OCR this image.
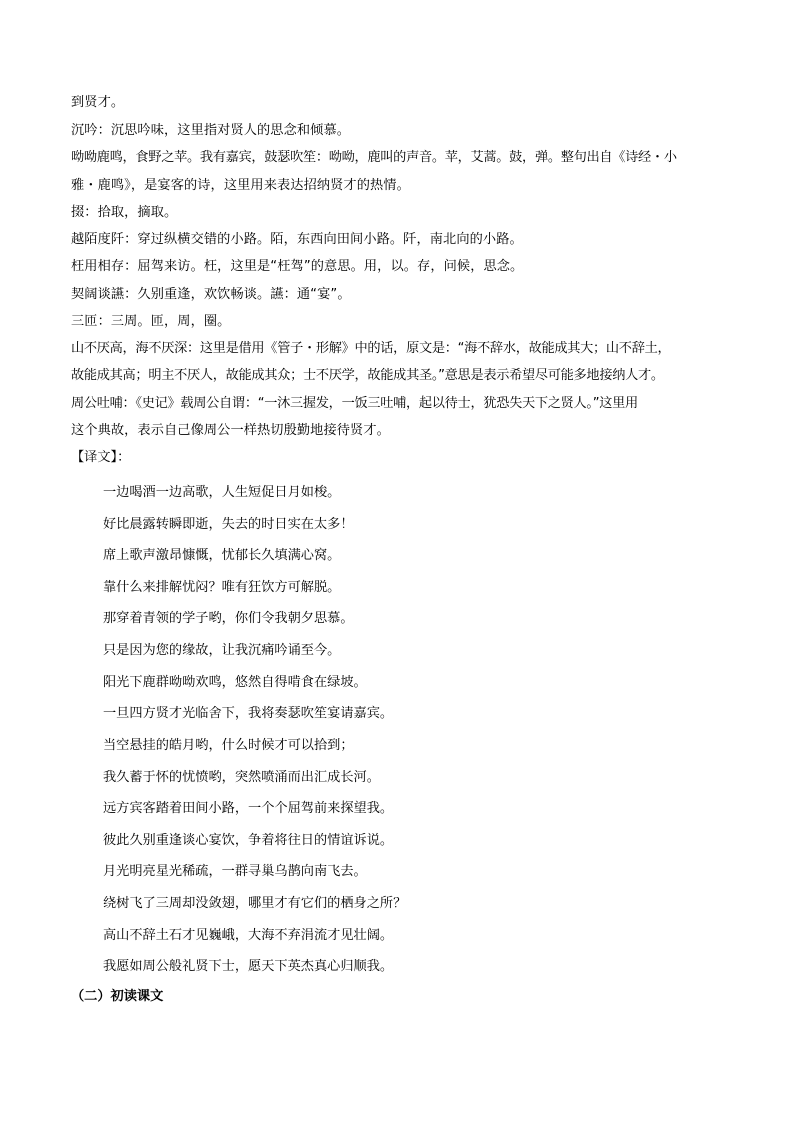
到贤才。
沉吟：沉思吟味，这里指对贤人的思念和倾慕。
呦呦鹿鸣，食野之苹。我有嘉宾，鼓瑟吹笙：呦呦，鹿叫的声音。苹，艾蒿。鼓，弹。整句出自《诗经・小
雅・鹿鸣》，是宴客的诗，这里用来表达招纳贤才的热情。
掇：拾取，摘取。
越陌度阡：穿过纵横交错的小路。陌，东西向田间小路。阡，南北向的小路。
枉用相存：屈驾来访。枉，这里是“枉驾”的意思。用，以。存，问候，思念。
契阔谈讌：久别重逢，欢饮畅谈。讌：通“宴”。
三匝：三周。匝，周，圈。
山不厌高，海不厌深：这里是借用《管子・形解》中的话，原文是：“海不辞水，故能成其大；山不辞土，
故能成其高；明主不厌人，故能成其众；士不厌学，故能成其圣。”意思是表示希望尽可能多地接纳人才。
周公吐哺：《史记》载周公自谓：“一沐三握发，一饭三吐哺，起以待士，犹恐失天下之贤人。”这里用
这个典故，表示自己像周公一样热切殷勤地接待贤才。
【译文】：
一边喝酒一边高歌，人生短促日月如梭。
好比晨露转瞬即逝，失去的时日实在太多！
席上歌声激昂慷慨，忧郁长久填满心窝。
靠什么来排解忧闷？唯有狂饮方可解脱。
那穿着青领的学子哟，你们令我朝夕思慕。
只是因为您的缘故，让我沉痛吟诵至今。
阳光下鹿群呦呦欢鸣，悠然自得啃食在绿坡。
一旦四方贤才光临舍下，我将奏瑟吹笙宴请嘉宾。
当空悬挂的皓月哟，什么时候才可以拾到；
我久蓄于怀的忧愤哟，突然喷涌而出汇成长河。
远方宾客踏着田间小路，一个个屈驾前来探望我。
彼此久别重逢谈心宴饮，争着将往日的情谊诉说。
月光明亮星光稀疏，一群寻巢乌鹊向南飞去。
绕树飞了三周却没敛翅，哪里才有它们的栖身之所？
高山不辞土石才见巍峨，大海不弃涓流才见壮阔。
我愿如周公般礼贤下士，愿天下英杰真心归顺我。
（二）初读课文
